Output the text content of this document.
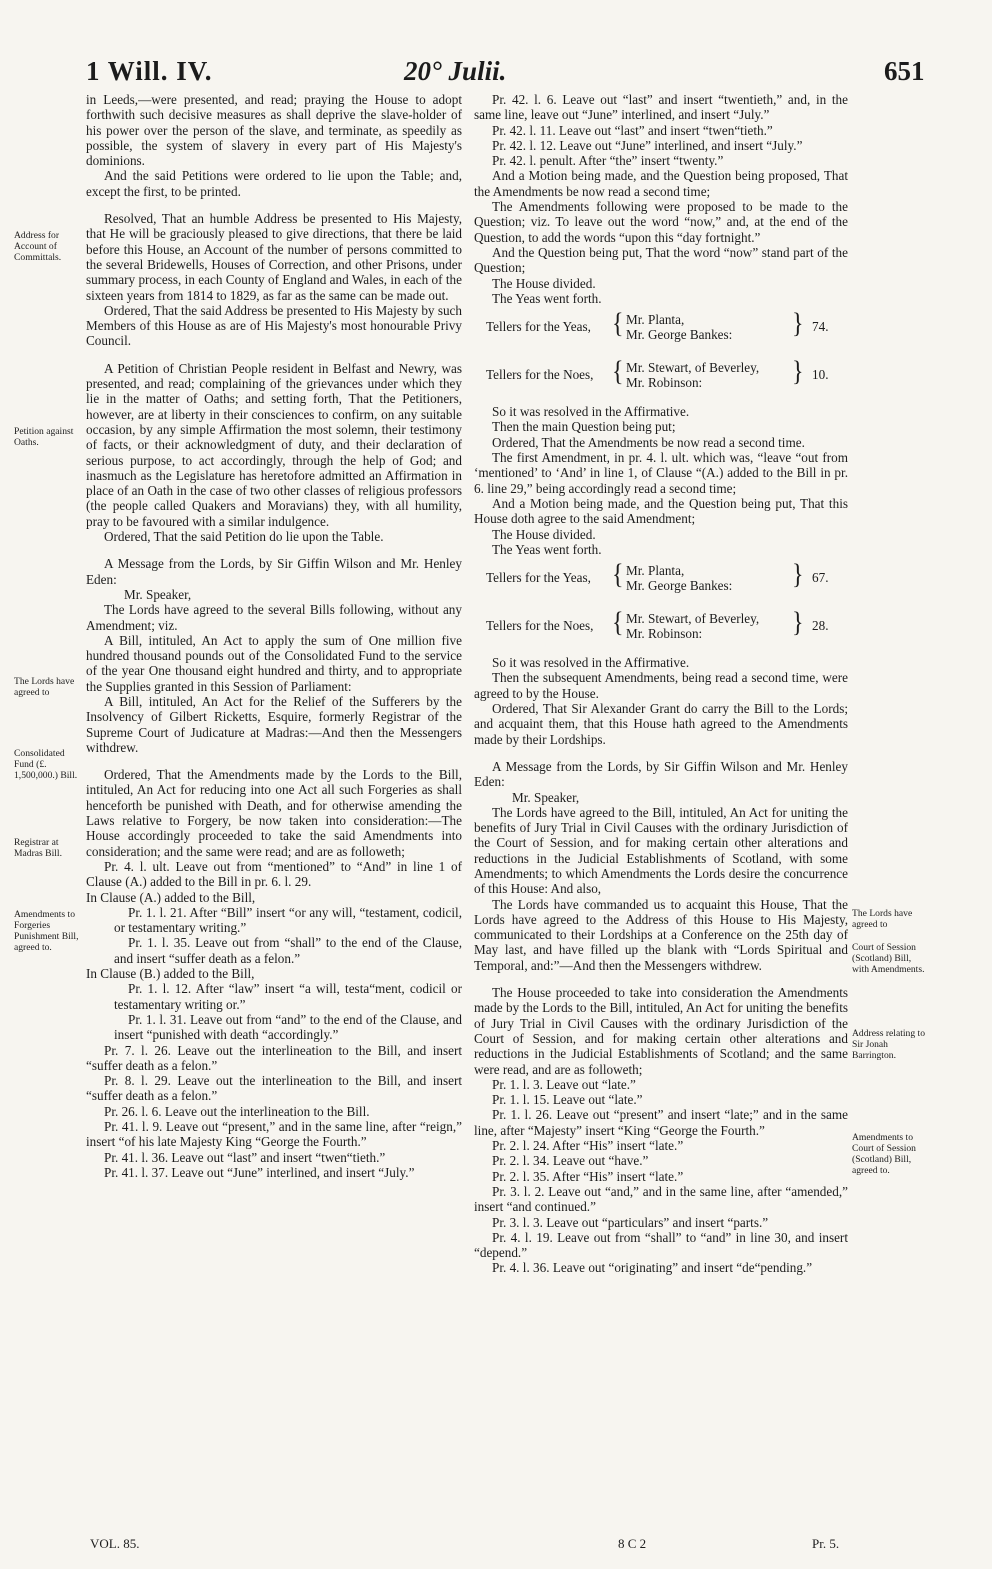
1 Will. IV.	20° Julii.	651
Address for Account of Committals.
Petition against Oaths.
The Lords have agreed to
Consolidated Fund (£. 1,500,000.) Bill.
Registrar at Madras Bill.
Amendments to Forgeries Punishment Bill, agreed to.
The Lords have agreed to
Court of Session (Scotland) Bill, with Amendments.
Address relating to Sir Jonah Barrington.
Amendments to Court of Session (Scotland) Bill, agreed to.

in Leeds,—were presented, and read; praying the House to adopt forthwith such decisive measures as shall deprive the slave-holder of his power over the person of the slave, and terminate, as speedily as possible, the system of slavery in every part of His Majesty's dominions.

And the said Petitions were ordered to lie upon the Table; and, except the first, to be printed.

Resolved, That an humble Address be presented to His Majesty, that He will be graciously pleased to give directions, that there be laid before this House, an Account of the number of persons committed to the several Bridewells, Houses of Correction, and other Prisons, under summary process, in each County of England and Wales, in each of the sixteen years from 1814 to 1829, as far as the same can be made out.

Ordered, That the said Address be presented to His Majesty by such Members of this House as are of His Majesty's most honourable Privy Council.

A Petition of Christian People resident in Belfast and Newry, was presented, and read; complaining of the grievances under which they lie in the matter of Oaths; and setting forth, That the Petitioners, however, are at liberty in their consciences to confirm, on any suitable occasion, by any simple Affirmation the most solemn, their testimony of facts, or their acknowledgment of duty, and their declaration of serious purpose, to act accordingly, through the help of God; and inasmuch as the Legislature has heretofore admitted an Affirmation in place of an Oath in the case of two other classes of religious professors (the people called Quakers and Moravians) they, with all humility, pray to be favoured with a similar indulgence.

Ordered, That the said Petition do lie upon the Table.

A Message from the Lords, by Sir Giffin Wilson and Mr. Henley Eden:

Mr. Speaker,

The Lords have agreed to the several Bills following, without any Amendment; viz.

A Bill, intituled, An Act to apply the sum of One million five hundred thousand pounds out of the Consolidated Fund to the service of the year One thousand eight hundred and thirty, and to appropriate the Supplies granted in this Session of Parliament:

A Bill, intituled, An Act for the Relief of the Sufferers by the Insolvency of Gilbert Ricketts, Esquire, formerly Registrar of the Supreme Court of Judicature at Madras:—And then the Messengers withdrew.

Ordered, That the Amendments made by the Lords to the Bill, intituled, An Act for reducing into one Act all such Forgeries as shall henceforth be punished with Death, and for otherwise amending the Laws relative to Forgery, be now taken into consideration:—The House accordingly proceeded to take the said Amendments into consideration; and the same were read; and are as followeth;

Pr. 4. l. ult. Leave out from “mentioned” to “And” in line 1 of Clause (A.) added to the Bill in pr. 6. l. 29.

In Clause (A.) added to the Bill,

Pr. 1. l. 21. After “Bill” insert “or any will, “testament, codicil, or testamentary writing.”

Pr. 1. l. 35. Leave out from “shall” to the end of the Clause, and insert “suffer death as a felon.”

In Clause (B.) added to the Bill,

Pr. 1. l. 12. After “law” insert “a will, testa“ment, codicil or testamentary writing or.”

Pr. 1. l. 31. Leave out from “and” to the end of the Clause, and insert “punished with death “accordingly.”

Pr. 7. l. 26. Leave out the interlineation to the Bill, and insert “suffer death as a felon.”

Pr. 8. l. 29. Leave out the interlineation to the Bill, and insert “suffer death as a felon.”

Pr. 26. l. 6. Leave out the interlineation to the Bill.

Pr. 41. l. 9. Leave out “present,” and in the same line, after “reign,” insert “of his late Majesty King “George the Fourth.”

Pr. 41. l. 36. Leave out “last” and insert “twen“tieth.”

Pr. 41. l. 37. Leave out “June” interlined, and insert “July.”

Pr. 42. l. 6. Leave out “last” and insert “twentieth,” and, in the same line, leave out “June” interlined, and insert “July.”

Pr. 42. l. 11. Leave out “last” and insert “twen“tieth.”

Pr. 42. l. 12. Leave out “June” interlined, and insert “July.”

Pr. 42. l. penult. After “the” insert “twenty.”

And a Motion being made, and the Question being proposed, That the Amendments be now read a second time;

The Amendments following were proposed to be made to the Question; viz. To leave out the word “now,” and, at the end of the Question, to add the words “upon this “day fortnight.”

And the Question being put, That the word “now” stand part of the Question;

The House divided.

The Yeas went forth.

Tellers for the Yeas, { Mr. Planta,
Mr. George Bankes: } 74.
Tellers for the Noes, { Mr. Stewart, of Beverley,
Mr. Robinson:	} 10.

So it was resolved in the Affirmative.

Then the main Question being put;

Ordered, That the Amendments be now read a second time.

The first Amendment, in pr. 4. l. ult. which was, “leave “out from ‘mentioned’ to ‘And’ in line 1, of Clause “(A.) added to the Bill in pr. 6. line 29,” being accordingly read a second time;

And a Motion being made, and the Question being put, That this House doth agree to the said Amendment;

The House divided.

The Yeas went forth.

Tellers for the Yeas, { Mr. Planta,
Mr. George Bankes: } 67.
Tellers for the Noes, { Mr. Stewart, of Beverley,
Mr. Robinson:	} 28.

So it was resolved in the Affirmative.

Then the subsequent Amendments, being read a second time, were agreed to by the House.

Ordered, That Sir Alexander Grant do carry the Bill to the Lords; and acquaint them, that this House hath agreed to the Amendments made by their Lordships.

A Message from the Lords, by Sir Giffin Wilson and Mr. Henley Eden:

Mr. Speaker,

The Lords have agreed to the Bill, intituled, An Act for uniting the benefits of Jury Trial in Civil Causes with the ordinary Jurisdiction of the Court of Session, and for making certain other alterations and reductions in the Judicial Establishments of Scotland, with some Amendments; to which Amendments the Lords desire the concurrence of this House: And also,

The Lords have commanded us to acquaint this House, That the Lords have agreed to the Address of this House to His Majesty, communicated to their Lordships at a Conference on the 25th day of May last, and have filled up the blank with “Lords Spiritual and Temporal, and:”—And then the Messengers withdrew.

The House proceeded to take into consideration the Amendments made by the Lords to the Bill, intituled, An Act for uniting the benefits of Jury Trial in Civil Causes with the ordinary Jurisdiction of the Court of Session, and for making certain other alterations and reductions in the Judicial Establishments of Scotland; and the same were read, and are as followeth;

Pr. 1. l. 3. Leave out “late.”

Pr. 1. l. 15. Leave out “late.”

Pr. 1. l. 26. Leave out “present” and insert “late;” and in the same line, after “Majesty” insert “King “George the Fourth.”

Pr. 2. l. 24. After “His” insert “late.”

Pr. 2. l. 34. Leave out “have.”

Pr. 2. l. 35. After “His” insert “late.”

Pr. 3. l. 2. Leave out “and,” and in the same line, after “amended,” insert “and continued.”

Pr. 3. l. 3. Leave out “particulars” and insert “parts.”

Pr. 4. l. 19. Leave out from “shall” to “and” in line 30, and insert “depend.”

Pr. 4. l. 36. Leave out “originating” and insert “de“pending.”

VOL. 85.	8 C 2	Pr. 5.
